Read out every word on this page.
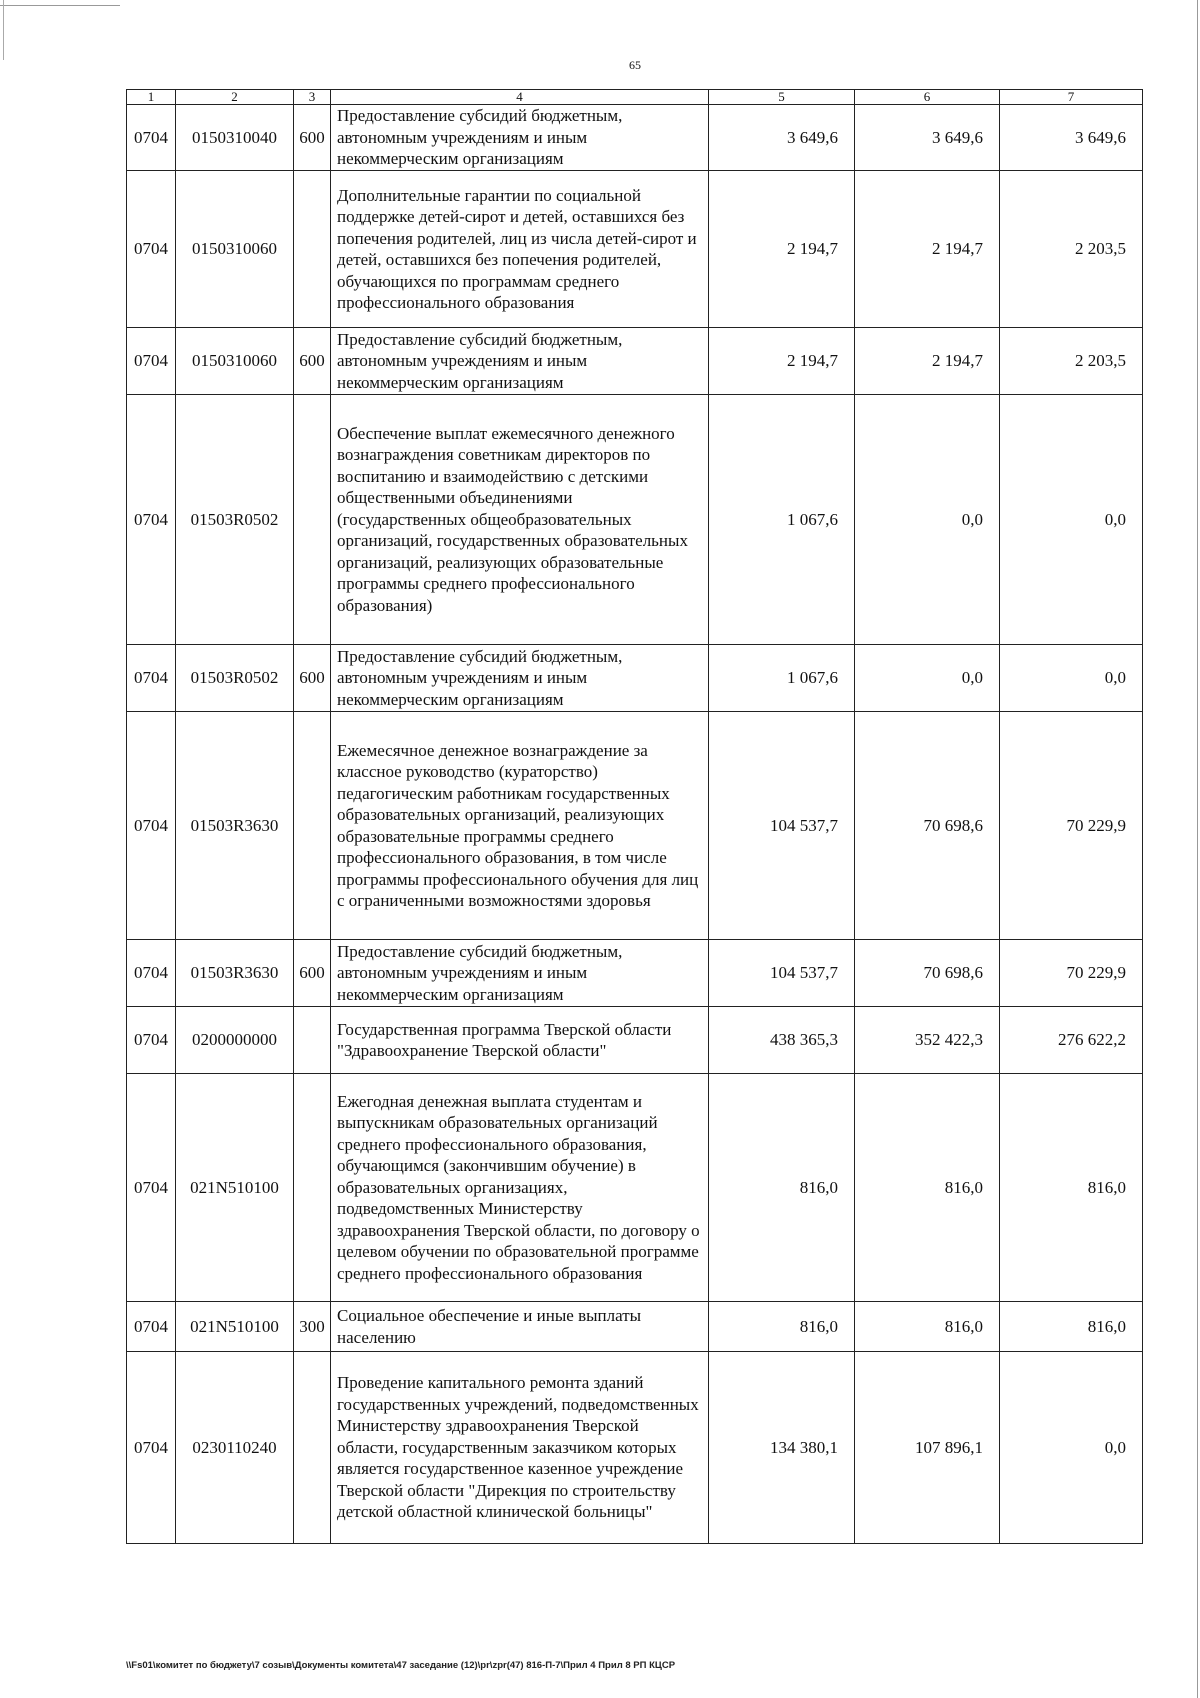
65
1	2	3	4	5	6	7
0704	0150310040	600	Предоставление субсидий бюджетным, автономным учреждениям и иным некоммерческим организациям	3 649,6	3 649,6	3 649,6
0704	0150310060		Дополнительные гарантии по социальной поддержке детей-сирот и детей, оставшихся без попечения родителей, лиц из числа детей-сирот и детей, оставшихся без попечения родителей, обучающихся по программам среднего профессионального образования	2 194,7	2 194,7	2 203,5
0704	0150310060	600	Предоставление субсидий бюджетным, автономным учреждениям и иным некоммерческим организациям	2 194,7	2 194,7	2 203,5
0704	01503R0502		Обеспечение выплат ежемесячного денежного вознаграждения советникам директоров по воспитанию и взаимодействию с детскими общественными объединениями (государственных общеобразовательных организаций, государственных образовательных организаций, реализующих образовательные программы среднего профессионального образования)	1 067,6	0,0	0,0
0704	01503R0502	600	Предоставление субсидий бюджетным, автономным учреждениям и иным некоммерческим организациям	1 067,6	0,0	0,0
0704	01503R3630		Ежемесячное денежное вознаграждение за классное руководство (кураторство) педагогическим работникам государственных образовательных организаций, реализующих образовательные программы среднего профессионального образования, в том числе программы профессионального обучения для лиц с ограниченными возможностями здоровья	104 537,7	70 698,6	70 229,9
0704	01503R3630	600	Предоставление субсидий бюджетным, автономным учреждениям и иным некоммерческим организациям	104 537,7	70 698,6	70 229,9
0704	0200000000		Государственная программа Тверской области "Здравоохранение Тверской области"	438 365,3	352 422,3	276 622,2
0704	021N510100		Ежегодная денежная выплата студентам и выпускникам образовательных организаций среднего профессионального образования, обучающимся (закончившим обучение) в образовательных организациях, подведомственных Министерству здравоохранения Тверской области, по договору о целевом обучении по образовательной программе среднего профессионального образования	816,0	816,0	816,0
0704	021N510100	300	Социальное обеспечение и иные выплаты населению	816,0	816,0	816,0
0704	0230110240		Проведение капитального ремонта зданий государственных учреждений, подведомственных Министерству здравоохранения Тверской области, государственным заказчиком которых является государственное казенное учреждение Тверской области "Дирекция по строительству детской областной клинической больницы"	134 380,1	107 896,1	0,0
\\Fs01\комитет по бюджету\7 созыв\Документы комитета\47 заседание (12)\pr\zpr(47) 816-П-7\Прил 4 Прил 8 РП КЦСР
